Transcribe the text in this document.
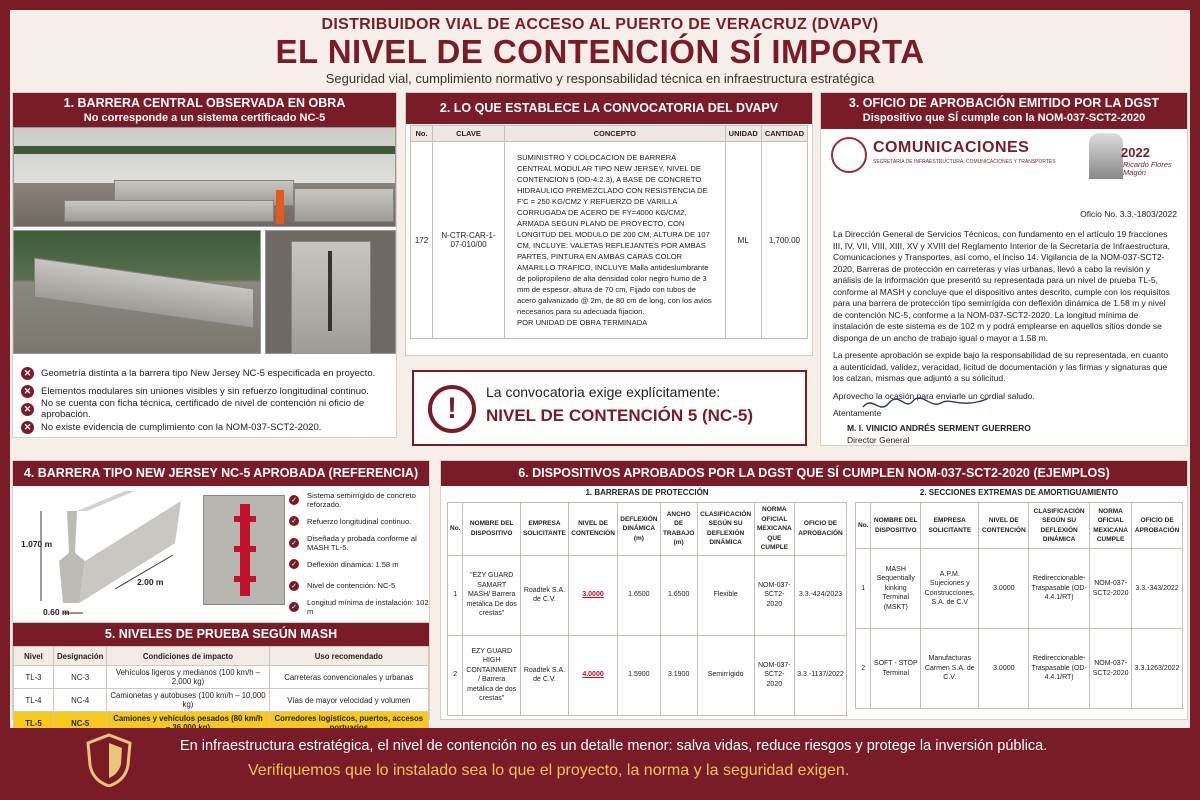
DISTRIBUIDOR VIAL DE ACCESO AL PUERTO DE VERACRUZ (DVAPV)
EL NIVEL DE CONTENCIÓN SÍ IMPORTA
Seguridad vial, cumplimiento normativo y responsabilidad técnica en infraestructura estratégica
1. BARRERA CENTRAL OBSERVADA EN OBRA
No corresponde a un sistema certificado NC-5
✕ Geometría distinta a la barrera tipo New Jersey NC-5 especificada en proyecto.
✕ Elementos modulares sin uniones visibles y sin refuerzo longitudinal continuo.
✕ No se cuenta con ficha técnica, certificado de nivel de contención ni oficio de aprobación.
✕ No existe evidencia de cumplimiento con la NOM-037-SCT2-2020.
2. LO QUE ESTABLECE LA CONVOCATORIA DEL DVAPV
No.	CLAVE	CONCEPTO	UNIDAD	CANTIDAD
172	N-CTR-CAR-1-07-010/00	SUMINISTRO Y COLOCACION DE BARRERA CENTRAL MODULAR TIPO NEW JERSEY, NIVEL DE CONTENCION 5 (OD-4.2.3), A BASE DE CONCRETO HIDRAULICO PREMEZCLADO CON RESISTENCIA DE F'C = 250 KG/CM2 Y REFUERZO DE VARILLA CORRUGADA DE ACERO DE FY=4000 KG/CM2, ARMADA SEGUN PLANO DE PROYECTO, CON LONGITUD DEL MODULO DE 200 CM, ALTURA DE 107 CM, INCLUYE: VALETAS REFLEJANTES POR AMBAS PARTES, PINTURA EN AMBAS CARAS COLOR AMARILLO TRAFICO, INCLUYE Malla antideslumbrante de polipropileno de alta densidad color negro humo de 3 mm de espesor, altura de 70 cm, Fijado con tubos de acero galvanizado @ 2m, de 80 cm de long, con los avios necesarios para su adecuada fijacion.
POR UNIDAD DE OBRA TERMINADA	ML	1,700.00
!	La convocatoria exige explícitamente:
NIVEL DE CONTENCIÓN 5 (NC-5)
3. OFICIO DE APROBACIÓN EMITIDO POR LA DGST
Dispositivo que SÍ cumple con la NOM-037-SCT2-2020
COMUNICACIONES
SECRETARÍA DE INFRAESTRUCTURA, COMUNICACIONES Y TRANSPORTES
2022
Ricardo Flores Magón
Oficio No. 3.3.-1803/2022

La Dirección General de Servicios Técnicos, con fundamento en el artículo 19 fracciones III, IV, VII, VIII, XIII, XV y XVIII del Reglamento Interior de la Secretaría de Infraestructura, Comunicaciones y Transportes, así como, el inciso 14. Vigilancia de la NOM-037-SCT2-2020, Barreras de protección en carreteras y vías urbanas, llevó a cabo la revisión y análisis de la información que presentó su representada para un nivel de prueba TL-5, conforme al MASH y concluye que el dispositivo antes descrito, cumple con los requisitos para una barrera de protección tipo semirrígida con deflexión dinámica de 1.58 m y nivel de contención NC-5, conforme a la NOM-037-SCT2-2020. La longitud mínima de instalación de este sistema es de 102 m y podrá emplearse en aquellos sitios donde se disponga de un ancho de trabajo igual o mayor a 1.58 m.

La presente aprobación se expide bajo la responsabilidad de su representada, en cuanto a autenticidad, validez, veracidad, licitud de documentación y las firmas y signaturas que los calzan, mismas que adjuntó a su solicitud.

Aprovecho la ocasión para enviarle un cordial saludo.

Atentamente

M. I. VINICIO ANDRÉS SERMENT GUERRERO
Director General
4. BARRERA TIPO NEW JERSEY NC-5 APROBADA (REFERENCIA)
1.070 m
2.00 m
0.60 m
✓
Sistema semirrígido de concreto reforzado.
✓ Refuerzo longitudinal continuo.
✓
Diseñada y probada conforme al MASH TL-5.
✓ Deflexión dinámica: 1.58 m
✓ Nivel de contención: NC-5
✓
Longitud mínima de instalación: 102 m
5. NIVELES DE PRUEBA SEGÚN MASH
Nivel	Designación	Condiciones de impacto	Uso recomendado
TL-3	NC-3	Vehículos ligeros y medianos (100 km/h – 2,000 kg)	Carreteras convencionales y urbanas
TL-4	NC-4	Camionetas y autobuses (100 km/h – 10,000 kg)	Vías de mayor velocidad y volumen
TL-5	NC-5	Camiones y vehículos pesados (80 km/h	Corredores logísticos, puertos, accesos
6. DISPOSITIVOS APROBADOS POR LA DGST QUE SÍ CUMPLEN NOM-037-SCT2-2020 (EJEMPLOS)
1. BARRERAS DE PROTECCIÓN
No.	NOMBRE DEL DISPOSITIVO	EMPRESA SOLICITANTE	NIVEL DE CONTENCIÓN	DEFLEXIÓN DINÁMICA (m)	ANCHO DE TRABAJO (m)	CLASIFICACIÓN SEGÚN SU DEFLEXIÓN DINÁMICA	NORMA OFICIAL MEXICANA QUE CUMPLE	OFICIO DE APROBACIÓN
1	"EZY GUARD SAMART MASH/ Barrera metálica De dos crestas"	Roadtek S.A. de C.V.	3.0000	1.6500	1.6500	Flexible	NOM-037-SCT2-2020	3.3.-424/2023
2	EZY GUARD HIGH CONTAINMENT / Barrera metálica de dos crestas"	Roadtek S.A. de C.V.	4.0000	1.5900	3.1900	Semirrígido	NOM-037-SCT2-2020	3.3.-1137/2022
2. SECCIONES EXTREMAS DE AMORTIGUAMIENTO
No.	NOMBRE DEL DISPOSITIVO	EMPRESA SOLICITANTE	NIVEL DE CONTENCIÓN	CLASIFICACIÓN SEGÚN SU DEFLEXIÓN DINÁMICA	NORMA OFICIAL MEXICANA CUMPLE	OFICIO DE APROBACIÓN
1	MASH Sequentially kinking Terminal (MSKT)	A.P.M. Sujeciones y Construcciones, S.A. de C.V	3.0000	Redireccionable-Traspasable (OD-4.4.1/RT)	NOM-037-SCT2-2020	3.3.-343/2022
2	SOFT - STOP Terminal	Manufacturas Carmen S.A. de C.V.	3.0000	Redireccionable-Traspasable (OD-4.4.1/RT)	NOM-037-SCT2-2020	3.3.1263/2022
En infraestructura estratégica, el nivel de contención no es un detalle menor: salva vidas, reduce riesgos y protege la inversión pública.
Verifiquemos que lo instalado sea lo que el proyecto, la norma y la seguridad exigen.
